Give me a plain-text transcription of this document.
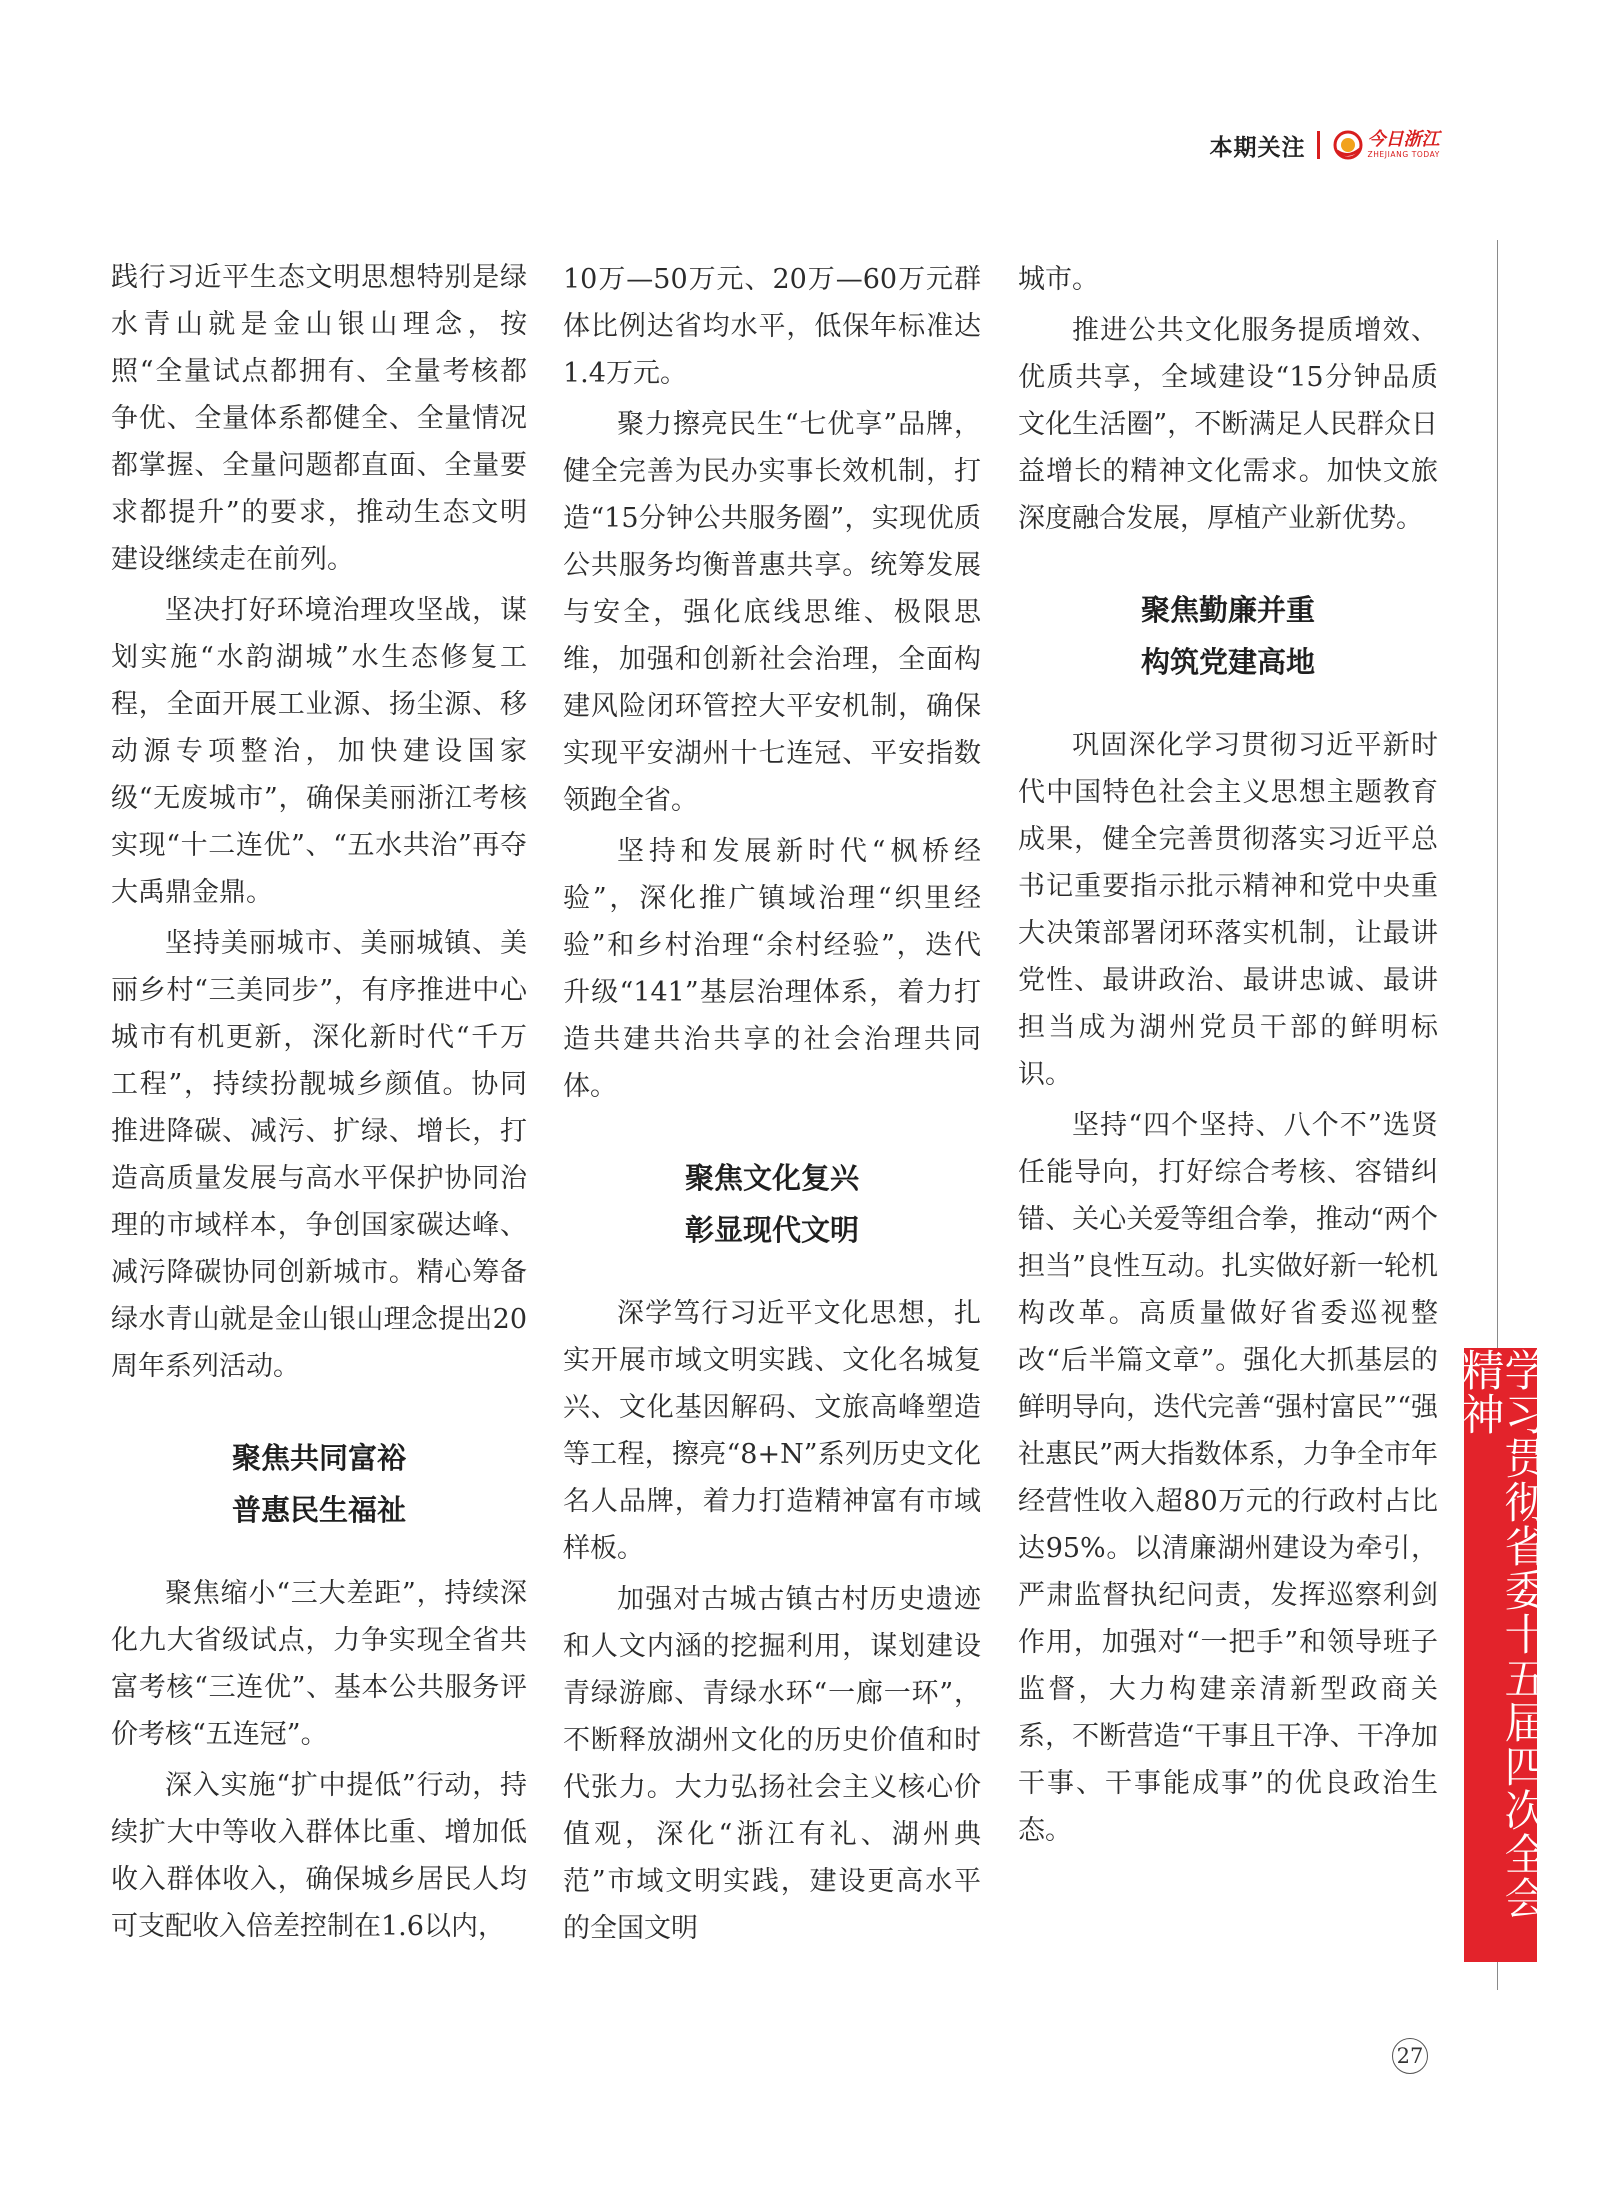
本期关注	今日浙江
ZHEJIANG TODAY

践行习近平生态文明思想特别是绿水青山就是金山银山理念，按照“全量试点都拥有、全量考核都争优、全量体系都健全、全量情况都掌握、全量问题都直面、全量要求都提升”的要求，推动生态文明建设继续走在前列。

坚决打好环境治理攻坚战，谋划实施“水韵湖城”水生态修复工程，全面开展工业源、扬尘源、移动源专项整治，加快建设国家级“无废城市”，确保美丽浙江考核实现“十二连优”、“五水共治”再夺大禹鼎金鼎。

坚持美丽城市、美丽城镇、美丽乡村“三美同步”，有序推进中心城市有机更新，深化新时代“千万工程”，持续扮靓城乡颜值。协同推进降碳、减污、扩绿、增长，打造高质量发展与高水平保护协同治理的市域样本，争创国家碳达峰、减污降碳协同创新城市。精心筹备绿水青山就是金山银山理念提出20周年系列活动。

聚焦共同富裕
普惠民生福祉

聚焦缩小“三大差距”，持续深化九大省级试点，力争实现全省共富考核“三连优”、基本公共服务评价考核“五连冠”。

深入实施“扩中提低”行动，持续扩大中等收入群体比重、增加低收入群体收入，确保城乡居民人均可支配收入倍差控制在1.6以内，

10万—50万元、20万—60万元群体比例达省均水平，低保年标准达1.4万元。

聚力擦亮民生“七优享”品牌，健全完善为民办实事长效机制，打造“15分钟公共服务圈”，实现优质公共服务均衡普惠共享。统筹发展与安全，强化底线思维、极限思维，加强和创新社会治理，全面构建风险闭环管控大平安机制，确保实现平安湖州十七连冠、平安指数领跑全省。

坚持和发展新时代“枫桥经验”，深化推广镇域治理“织里经验”和乡村治理“余村经验”，迭代升级“141”基层治理体系，着力打造共建共治共享的社会治理共同体。

聚焦文化复兴
彰显现代文明

深学笃行习近平文化思想，扎实开展市域文明实践、文化名城复兴、文化基因解码、文旅高峰塑造等工程，擦亮“8+N”系列历史文化名人品牌，着力打造精神富有市域样板。

加强对古城古镇古村历史遗迹和人文内涵的挖掘利用，谋划建设青绿游廊、青绿水环“一廊一环”，不断释放湖州文化的历史价值和时代张力。大力弘扬社会主义核心价值观，深化“浙江有礼、湖州典范”市域文明实践，建设更高水平的全国文明

城市。

推进公共文化服务提质增效、优质共享，全域建设“15分钟品质文化生活圈”，不断满足人民群众日益增长的精神文化需求。加快文旅深度融合发展，厚植产业新优势。

聚焦勤廉并重
构筑党建高地

巩固深化学习贯彻习近平新时代中国特色社会主义思想主题教育成果，健全完善贯彻落实习近平总书记重要指示批示精神和党中央重大决策部署闭环落实机制，让最讲党性、最讲政治、最讲忠诚、最讲担当成为湖州党员干部的鲜明标识。

坚持“四个坚持、八个不”选贤任能导向，打好综合考核、容错纠错、关心关爱等组合拳，推动“两个担当”良性互动。扎实做好新一轮机构改革。高质量做好省委巡视整改“后半篇文章”。强化大抓基层的鲜明导向，迭代完善“强村富民”“强社惠民”两大指数体系，力争全市年经营性收入超80万元的行政村占比达95%。以清廉湖州建设为牵引，严肃监督执纪问责，发挥巡察利剑作用，加强对“一把手”和领导班子监督，大力构建亲清新型政商关系，不断营造“干事且干净、干净加干事、干事能成事”的优良政治生态。	学习贯彻省委十五届四次全会精神
27
